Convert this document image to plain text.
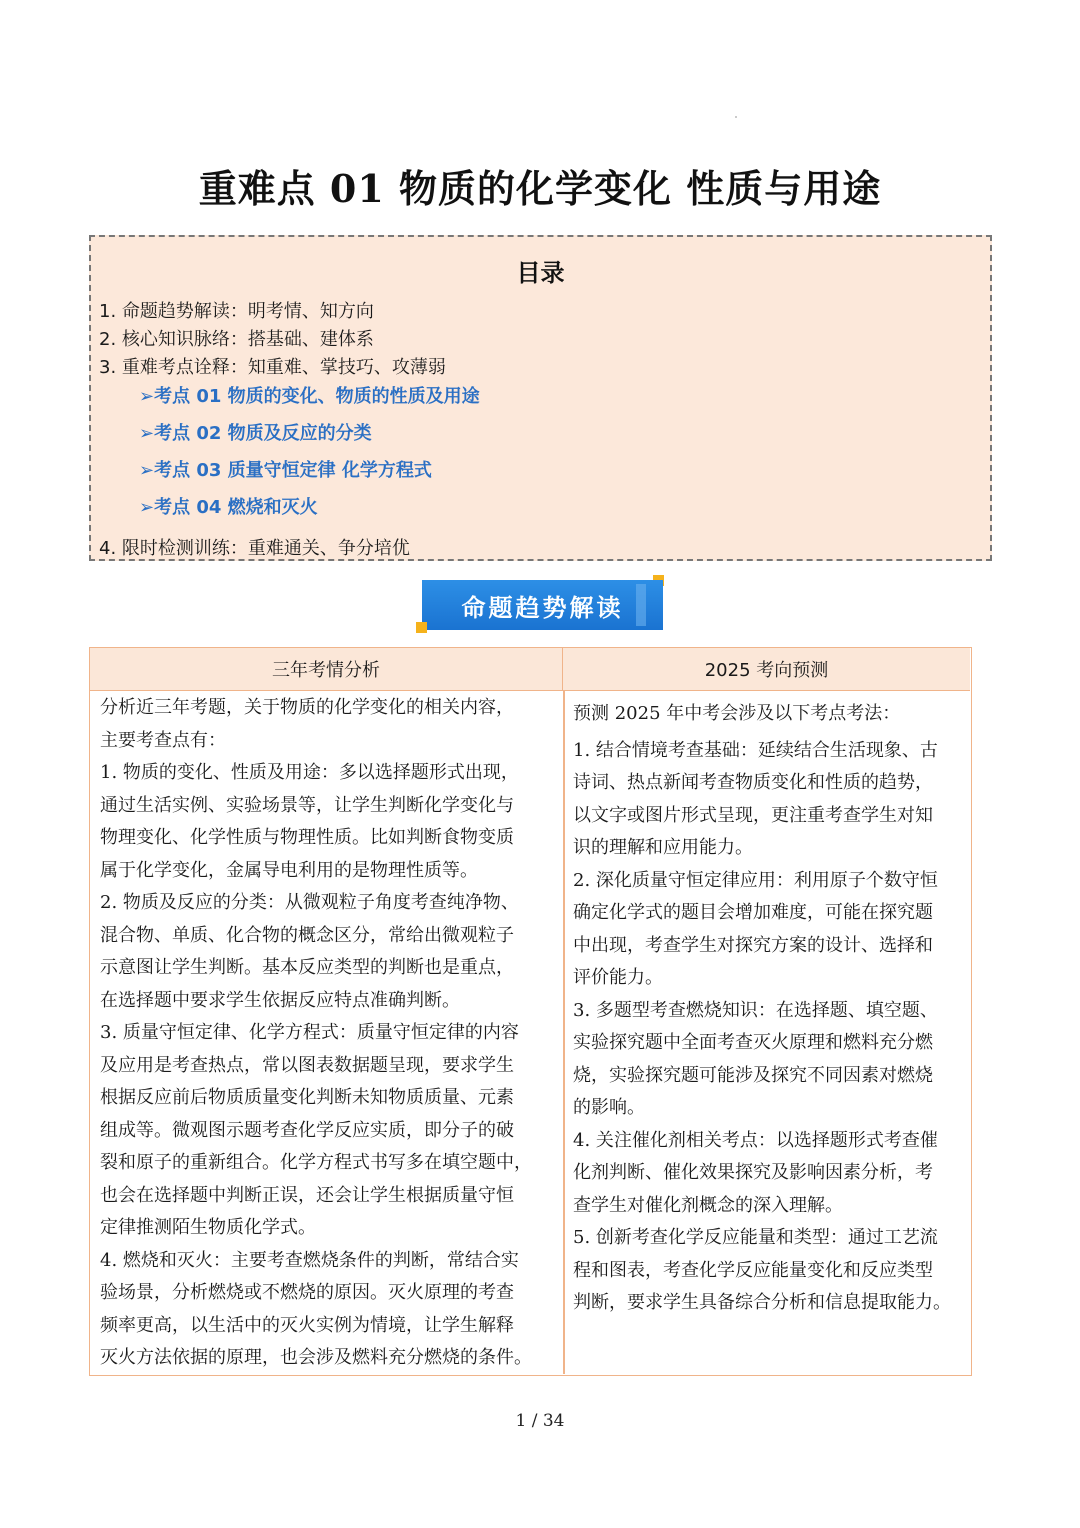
重难点 01 物质的化学变化 性质与用途
目录
1. 命题趋势解读：明考情、知方向
2. 核心知识脉络：搭基础、建体系
3. 重难考点诠释：知重难、掌技巧、攻薄弱
➢考点 01 物质的变化、物质的性质及用途
➢考点 02 物质及反应的分类
➢考点 03 质量守恒定律 化学方程式
➢考点 04 燃烧和灭火
4. 限时检测训练：重难通关、争分培优
命题趋势解读
三年考情分析	2025 考向预测

分析近三年考题，关于物质的化学变化的相关内容，

主要考查点有：

1. 物质的变化、性质及用途：多以选择题形式出现，

通过生活实例、实验场景等，让学生判断化学变化与

物理变化、化学性质与物理性质。比如判断食物变质

属于化学变化，金属导电利用的是物理性质等。

2. 物质及反应的分类：从微观粒子角度考查纯净物、

混合物、单质、化合物的概念区分，常给出微观粒子

示意图让学生判断。基本反应类型的判断也是重点，

在选择题中要求学生依据反应特点准确判断。

3. 质量守恒定律、化学方程式：质量守恒定律的内容

及应用是考查热点，常以图表数据题呈现，要求学生

根据反应前后物质质量变化判断未知物质质量、元素

组成等。微观图示题考查化学反应实质，即分子的破

裂和原子的重新组合。化学方程式书写多在填空题中，

也会在选择题中判断正误，还会让学生根据质量守恒

定律推测陌生物质化学式。

4. 燃烧和灭火：主要考查燃烧条件的判断，常结合实

验场景，分析燃烧或不燃烧的原因。灭火原理的考查

频率更高，以生活中的灭火实例为情境，让学生解释

灭火方法依据的原理，也会涉及燃料充分燃烧的条件。

预测 2025 年中考会涉及以下考点考法：

1. 结合情境考查基础：延续结合生活现象、古

诗词、热点新闻考查物质变化和性质的趋势，

以文字或图片形式呈现，更注重考查学生对知

识的理解和应用能力。

2. 深化质量守恒定律应用：利用原子个数守恒

确定化学式的题目会增加难度，可能在探究题

中出现，考查学生对探究方案的设计、选择和

评价能力。

3. 多题型考查燃烧知识：在选择题、填空题、

实验探究题中全面考查灭火原理和燃料充分燃

烧，实验探究题可能涉及探究不同因素对燃烧

的影响。

4. 关注催化剂相关考点：以选择题形式考查催

化剂判断、催化效果探究及影响因素分析，考

查学生对催化剂概念的深入理解。

5. 创新考查化学反应能量和类型：通过工艺流

程和图表，考查化学反应能量变化和反应类型

判断，要求学生具备综合分析和信息提取能力。

1 / 34
